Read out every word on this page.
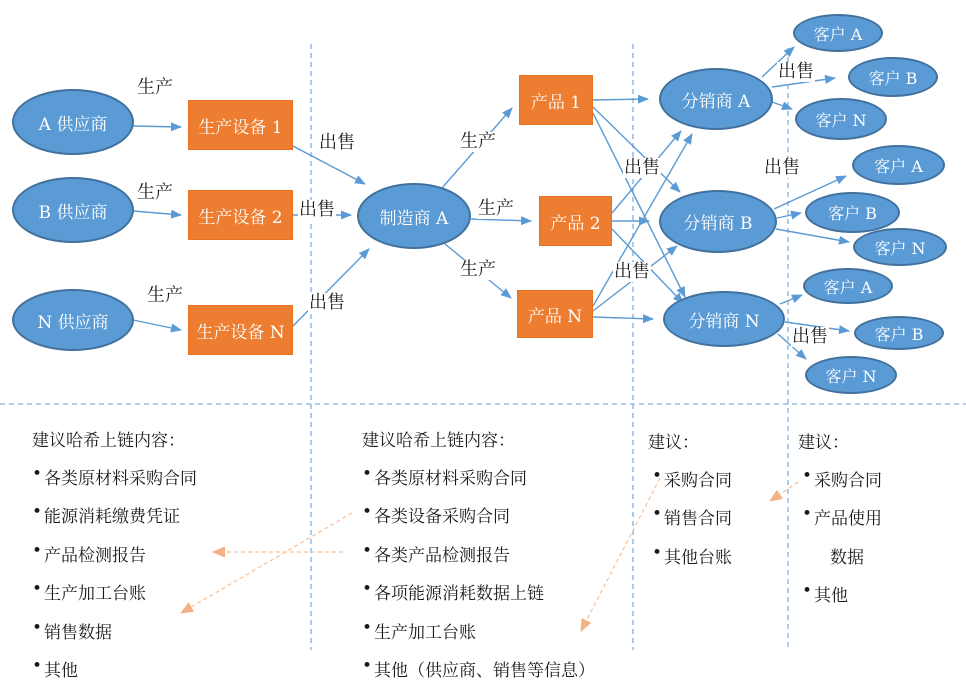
A 供应商
B 供应商
N 供应商
生产设备 1
生产设备 2
生产设备 N
制造商 A
产品 1
产品 2
产品 N
分销商 A
分销商 B
分销商 N
客户 A
客户 B
客户 N
客户 A
客户 B
客户 N
客户 A
客户 B
客户 N
生产
生产
生产
出售
出售
出售
生产
生产
生产
出售
出售
出售
出售
出售
建议哈希上链内容：
• 各类原材料采购合同
• 能源消耗缴费凭证
• 产品检测报告
• 生产加工台账
• 销售数据
• 其他
建议哈希上链内容：
• 各类原材料采购合同
• 各类设备采购合同
• 各类产品检测报告
• 各项能源消耗数据上链
• 生产加工台账
• 其他（供应商、销售等信息）
建议：
• 采购合同
• 销售合同
• 其他台账
建议：
• 采购合同
• 产品使用
数据
• 其他
